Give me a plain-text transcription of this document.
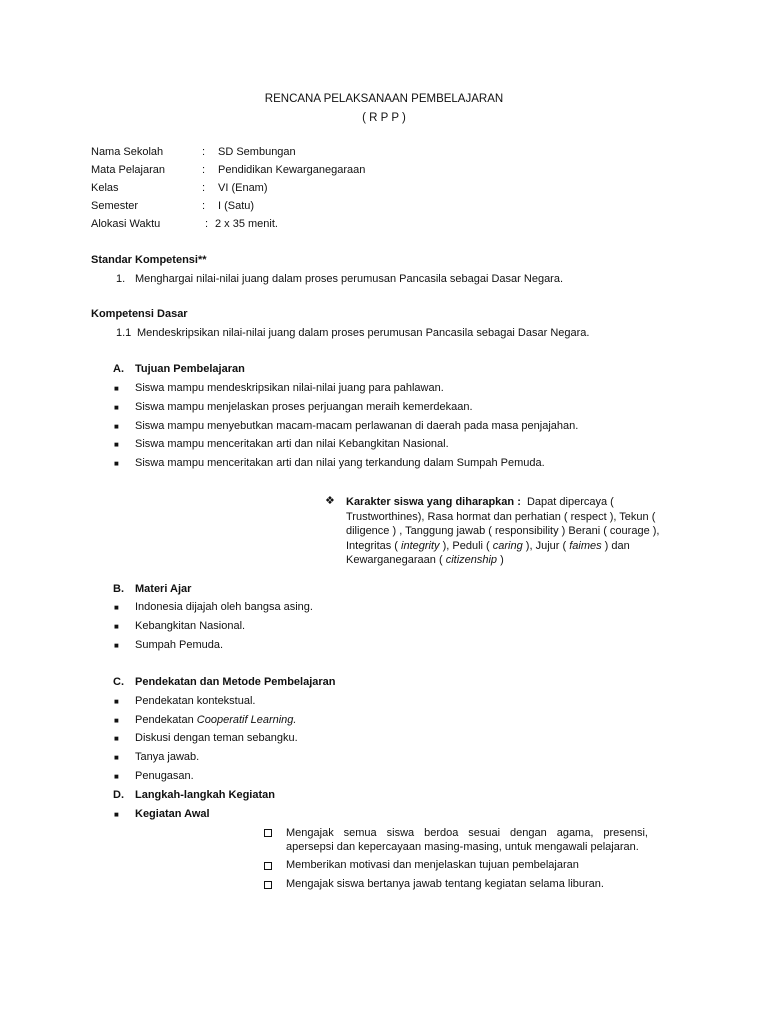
RENCANA PELAKSANAAN PEMBELAJARAN
( R P P )
Nama Sekolah	: SD Sembungan
Mata Pelajaran	: Pendidikan Kewarganegaraan
Kelas	: VI (Enam)
Semester	: I (Satu)
Alokasi Waktu	: 2 x 35 menit.
Standar Kompetensi**
1. Menghargai nilai-nilai juang dalam proses perumusan Pancasila sebagai Dasar Negara.
Kompetensi Dasar
1.1 Mendeskripsikan nilai-nilai juang dalam proses perumusan Pancasila sebagai Dasar Negara.
A. Tujuan Pembelajaran
■ Siswa mampu mendeskripsikan nilai-nilai juang para pahlawan.
■ Siswa mampu menjelaskan proses perjuangan meraih kemerdekaan.
■ Siswa mampu menyebutkan macam-macam perlawanan di daerah pada masa penjajahan.
■ Siswa mampu menceritakan arti dan nilai Kebangkitan Nasional.
■ Siswa mampu menceritakan arti dan nilai yang terkandung dalam Sumpah Pemuda.
❖ Karakter siswa yang diharapkan : Dapat dipercaya ( Trustworthines), Rasa hormat dan perhatian ( respect ), Tekun ( diligence ) , Tanggung jawab ( responsibility ) Berani ( courage ), Integritas ( integrity ), Peduli ( caring ), Jujur ( faimes ) dan Kewarganegaraan ( citizenship )
B. Materi Ajar
■ Indonesia dijajah oleh bangsa asing.
■ Kebangkitan Nasional.
■ Sumpah Pemuda.
C. Pendekatan dan Metode Pembelajaran
■ Pendekatan kontekstual.
■ Pendekatan Cooperatif Learning.
■ Diskusi dengan teman sebangku.
■ Tanya jawab.
■ Penugasan.
D. Langkah-langkah Kegiatan
■ Kegiatan Awal
Mengajak semua siswa berdoa sesuai dengan agama, presensi, apersepsi dan kepercayaan masing-masing, untuk mengawali pelajaran.
Memberikan motivasi dan menjelaskan tujuan pembelajaran
Mengajak siswa bertanya jawab tentang kegiatan selama liburan.
